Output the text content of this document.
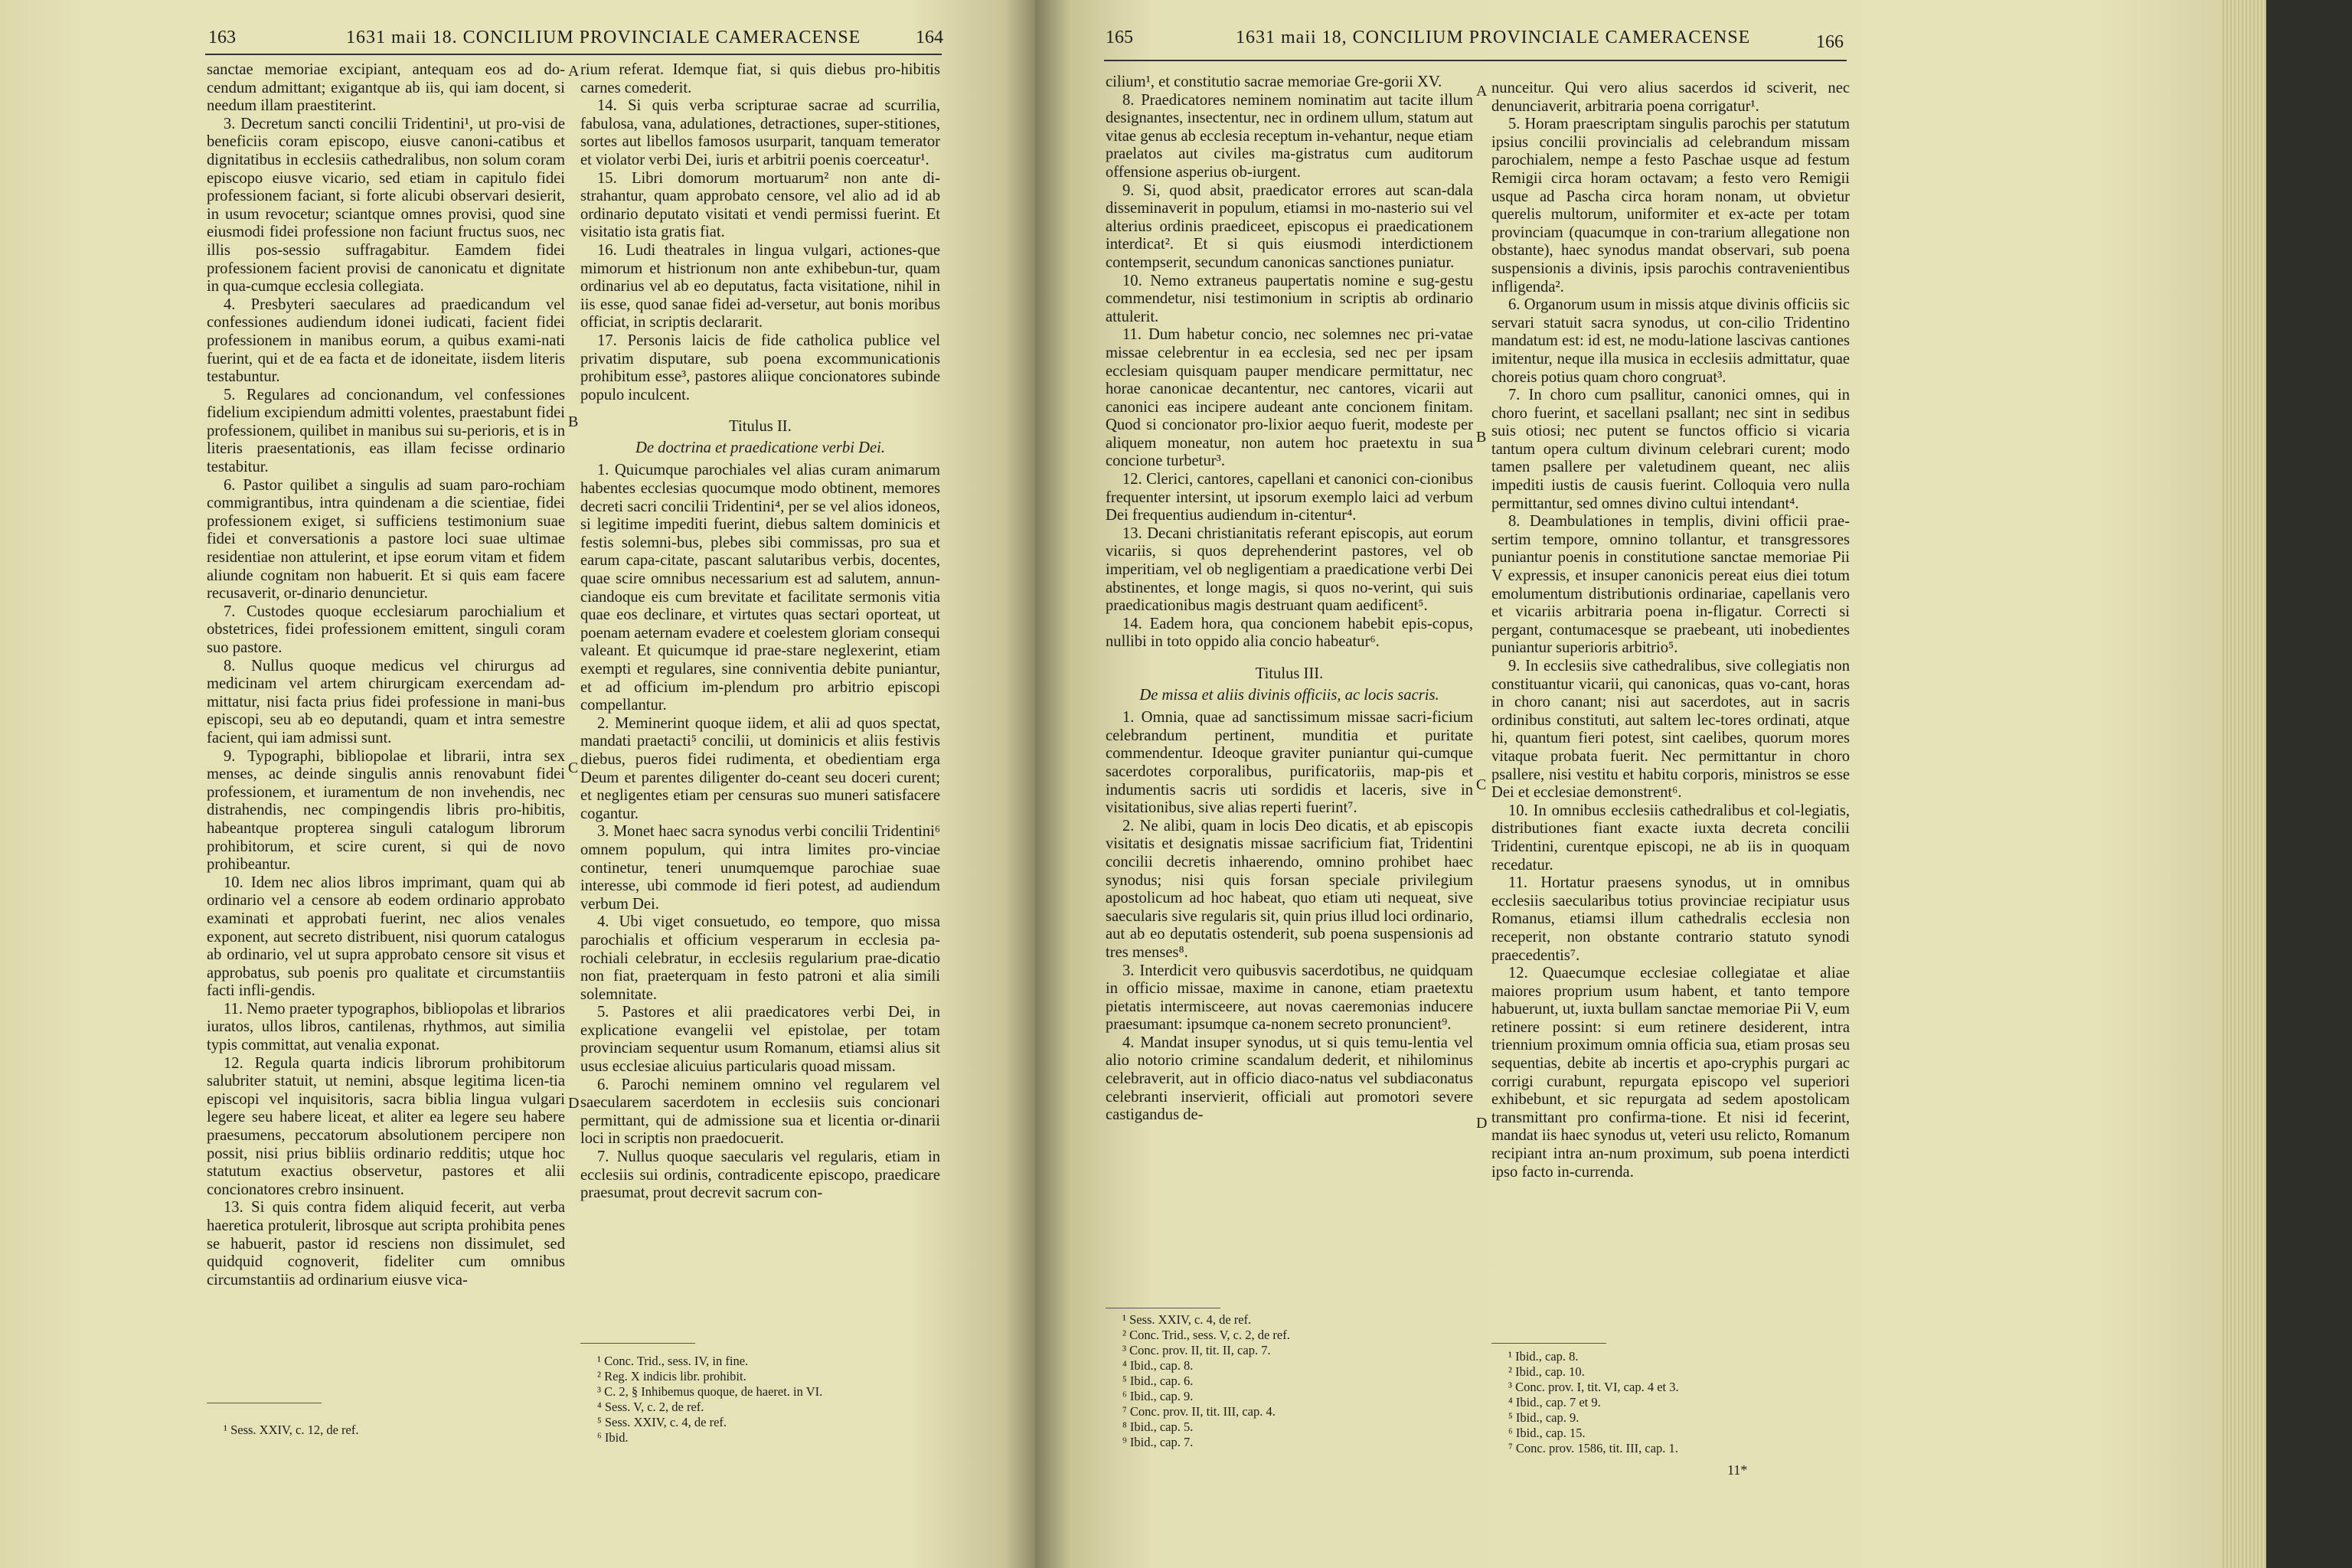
163	1631 maii 18. CONCILIUM PROVINCIALE CAMERACENSE	164

sanctae memoriae excipiant, antequam eos ad do-cendum admittant; exigantque ab iis, qui iam docent, si needum illam praestiterint.

3. Decretum sancti concilii Tridentini¹, ut pro-visi de beneficiis coram episcopo, eiusve canoni-catibus et dignitatibus in ecclesiis cathedralibus, non solum coram episcopo eiusve vicario, sed etiam in capitulo fidei professionem faciant, si forte alicubi observari desierit, in usum revocetur; sciantque omnes provisi, quod sine eiusmodi fidei professione non faciunt fructus suos, nec illis pos-sessio suffragabitur. Eamdem fidei professionem facient provisi de canonicatu et dignitate in qua-cumque ecclesia collegiata.

4. Presbyteri saeculares ad praedicandum vel confessiones audiendum idonei iudicati, facient fidei professionem in manibus eorum, a quibus exami-nati fuerint, qui et de ea facta et de idoneitate, iisdem literis testabuntur.

5. Regulares ad concionandum, vel confessiones fidelium excipiendum admitti volentes, praestabunt fidei professionem, quilibet in manibus sui su-perioris, et is in literis praesentationis, eas illam fecisse ordinario testabitur.

6. Pastor quilibet a singulis ad suam paro-rochiam commigrantibus, intra quindenam a die scientiae, fidei professionem exiget, si sufficiens testimonium suae fidei et conversationis a pastore loci suae ultimae residentiae non attulerint, et ipse eorum vitam et fidem aliunde cognitam non habuerit. Et si quis eam facere recusaverit, or-dinario denuncietur.

7. Custodes quoque ecclesiarum parochialium et obstetrices, fidei professionem emittent, singuli coram suo pastore.

8. Nullus quoque medicus vel chirurgus ad medicinam vel artem chirurgicam exercendam ad-mittatur, nisi facta prius fidei professione in mani-bus episcopi, seu ab eo deputandi, quam et intra semestre facient, qui iam admissi sunt.

9. Typographi, bibliopolae et librarii, intra sex menses, ac deinde singulis annis renovabunt fidei professionem, et iuramentum de non invehendis, nec distrahendis, nec compingendis libris pro-hibitis, habeantque propterea singuli catalogum librorum prohibitorum, et scire curent, si qui de novo prohibeantur.

10. Idem nec alios libros imprimant, quam qui ab ordinario vel a censore ab eodem ordinario approbato examinati et approbati fuerint, nec alios venales exponent, aut secreto distribuent, nisi quorum catalogus ab ordinario, vel ut supra approbato censore sit visus et approbatus, sub poenis pro qualitate et circumstantiis facti infli-gendis.

11. Nemo praeter typographos, bibliopolas et librarios iuratos, ullos libros, cantilenas, rhythmos, aut similia typis committat, aut venalia exponat.

12. Regula quarta indicis librorum prohibitorum salubriter statuit, ut nemini, absque legitima licen-tia episcopi vel inquisitoris, sacra biblia lingua vulgari legere seu habere liceat, et aliter ea legere seu habere praesumens, peccatorum absolutionem percipere non possit, nisi prius bibliis ordinario redditis; utque hoc statutum exactius observetur, pastores et alii concionatores crebro insinuent.

13. Si quis contra fidem aliquid fecerit, aut verba haeretica protulerit, librosque aut scripta prohibita penes se habuerit, pastor id resciens non dissimulet, sed quidquid cognoverit, fideliter cum omnibus circumstantiis ad ordinarium eiusve vica-

¹ Sess. XXIV, c. 12, de ref.

rium referat. Idemque fiat, si quis diebus pro-hibitis carnes comederit.

14. Si quis verba scripturae sacrae ad scurrilia, fabulosa, vana, adulationes, detractiones, super-stitiones, sortes aut libellos famosos usurparit, tanquam temerator et violator verbi Dei, iuris et arbitrii poenis coerceatur¹.

15. Libri domorum mortuarum² non ante di-strahantur, quam approbato censore, vel alio ad id ab ordinario deputato visitati et vendi permissi fuerint. Et visitatio ista gratis fiat.

16. Ludi theatrales in lingua vulgari, actiones-que mimorum et histrionum non ante exhibebun-tur, quam ordinarius vel ab eo deputatus, facta visitatione, nihil in iis esse, quod sanae fidei ad-versetur, aut bonis moribus officiat, in scriptis declararit.

17. Personis laicis de fide catholica publice vel privatim disputare, sub poena excommunicationis prohibitum esse³, pastores aliique concionatores subinde populo inculcent.

Titulus II.

De doctrina et praedicatione verbi Dei.

1. Quicumque parochiales vel alias curam animarum habentes ecclesias quocumque modo obtinent, memores decreti sacri concilii Tridentini⁴, per se vel alios idoneos, si legitime impediti fuerint, diebus saltem dominicis et festis solemni-bus, plebes sibi commissas, pro sua et earum capa-citate, pascant salutaribus verbis, docentes, quae scire omnibus necessarium est ad salutem, annun-ciandoque eis cum brevitate et facilitate sermonis vitia quae eos declinare, et virtutes quas sectari oporteat, ut poenam aeternam evadere et coelestem gloriam consequi valeant. Et quicumque id prae-stare neglexerint, etiam exempti et regulares, sine conniventia debite puniantur, et ad officium im-plendum pro arbitrio episcopi compellantur.

2. Meminerint quoque iidem, et alii ad quos spectat, mandati praetacti⁵ concilii, ut dominicis et aliis festivis diebus, pueros fidei rudimenta, et obedientiam erga Deum et parentes diligenter do-ceant seu doceri curent; et negligentes etiam per censuras suo muneri satisfacere cogantur.

3. Monet haec sacra synodus verbi concilii Tridentini⁶ omnem populum, qui intra limites pro-vinciae continetur, teneri unumquemque parochiae suae interesse, ubi commode id fieri potest, ad audiendum verbum Dei.

4. Ubi viget consuetudo, eo tempore, quo missa parochialis et officium vesperarum in ecclesia pa-rochiali celebratur, in ecclesiis regularium prae-dicatio non fiat, praeterquam in festo patroni et alia simili solemnitate.

5. Pastores et alii praedicatores verbi Dei, in explicatione evangelii vel epistolae, per totam provinciam sequentur usum Romanum, etiamsi alius sit usus ecclesiae alicuius particularis quoad missam.

6. Parochi neminem omnino vel regularem vel saecularem sacerdotem in ecclesiis suis concionari permittant, qui de admissione sua et licentia or-dinarii loci in scriptis non praedocuerit.

7. Nullus quoque saecularis vel regularis, etiam in ecclesiis sui ordinis, contradicente episcopo, praedicare praesumat, prout decrevit sacrum con-

¹ Conc. Trid., sess. IV, in fine.
² Reg. X indicis libr. prohibit.
³ C. 2, § Inhibemus quoque, de haeret. in VI.
⁴ Sess. V, c. 2, de ref.
⁵ Sess. XXIV, c. 4, de ref.
⁶ Ibid.
A
B
C
D
165	1631 maii 18, CONCILIUM PROVINCIALE CAMERACENSE	166

cilium¹, et constitutio sacrae memoriae Gre-gorii XV.

8. Praedicatores neminem nominatim aut tacite illum designantes, insectentur, nec in ordinem ullum, statum aut vitae genus ab ecclesia receptum in-vehantur, neque etiam praelatos aut civiles ma-gistratus cum auditorum offensione asperius ob-iurgent.

9. Si, quod absit, praedicator errores aut scan-dala disseminaverit in populum, etiamsi in mo-nasterio sui vel alterius ordinis praediceet, episcopus ei praedicationem interdicat². Et si quis eiusmodi interdictionem contempserit, secundum canonicas sanctiones puniatur.

10. Nemo extraneus paupertatis nomine e sug-gestu commendetur, nisi testimonium in scriptis ab ordinario attulerit.

11. Dum habetur concio, nec solemnes nec pri-vatae missae celebrentur in ea ecclesia, sed nec per ipsam ecclesiam quisquam pauper mendicare permittatur, nec horae canonicae decantentur, nec cantores, vicarii aut canonici eas incipere audeant ante concionem finitam. Quod si concionator pro-lixior aequo fuerit, modeste per aliquem moneatur, non autem hoc praetextu in sua concione turbetur³.

12. Clerici, cantores, capellani et canonici con-cionibus frequenter intersint, ut ipsorum exemplo laici ad verbum Dei frequentius audiendum in-citentur⁴.

13. Decani christianitatis referant episcopis, aut eorum vicariis, si quos deprehenderint pastores, vel ob imperitiam, vel ob negligentiam a praedicatione verbi Dei abstinentes, et longe magis, si quos no-verint, qui suis praedicationibus magis destruant quam aedificent⁵.

14. Eadem hora, qua concionem habebit epis-copus, nullibi in toto oppido alia concio habeatur⁶.

Titulus III.

De missa et aliis divinis officiis, ac locis sacris.

1. Omnia, quae ad sanctissimum missae sacri-ficium celebrandum pertinent, munditia et puritate commendentur. Ideoque graviter puniantur qui-cumque sacerdotes corporalibus, purificatoriis, map-pis et indumentis sacris uti sordidis et laceris, sive in visitationibus, sive alias reperti fuerint⁷.

2. Ne alibi, quam in locis Deo dicatis, et ab episcopis visitatis et designatis missae sacrificium fiat, Tridentini concilii decretis inhaerendo, omnino prohibet haec synodus; nisi quis forsan speciale privilegium apostolicum ad hoc habeat, quo etiam uti nequeat, sive saecularis sive regularis sit, quin prius illud loci ordinario, aut ab eo deputatis ostenderit, sub poena suspensionis ad tres menses⁸.

3. Interdicit vero quibusvis sacerdotibus, ne quidquam in officio missae, maxime in canone, etiam praetextu pietatis intermisceere, aut novas caeremonias inducere praesumant: ipsumque ca-nonem secreto pronuncient⁹.

4. Mandat insuper synodus, ut si quis temu-lentia vel alio notorio crimine scandalum dederit, et nihilominus celebraverit, aut in officio diaco-natus vel subdiaconatus celebranti inservierit, officiali aut promotori severe castigandus de-

¹ Sess. XXIV, c. 4, de ref.
² Conc. Trid., sess. V, c. 2, de ref.
³ Conc. prov. II, tit. II, cap. 7.
⁴ Ibid., cap. 8.
⁵ Ibid., cap. 6.
⁶ Ibid., cap. 9.
⁷ Conc. prov. II, tit. III, cap. 4.
⁸ Ibid., cap. 5.
⁹ Ibid., cap. 7.

nunceitur. Qui vero alius sacerdos id sciverit, nec denunciaverit, arbitraria poena corrigatur¹.

5. Horam praescriptam singulis parochis per statutum ipsius concilii provincialis ad celebrandum missam parochialem, nempe a festo Paschae usque ad festum Remigii circa horam octavam; a festo vero Remigii usque ad Pascha circa horam nonam, ut obvietur querelis multorum, uniformiter et ex-acte per totam provinciam (quacumque in con-trarium allegatione non obstante), haec synodus mandat observari, sub poena suspensionis a divinis, ipsis parochis contravenientibus infligenda².

6. Organorum usum in missis atque divinis officiis sic servari statuit sacra synodus, ut con-cilio Tridentino mandatum est: id est, ne modu-latione lascivas cantiones imitentur, neque illa musica in ecclesiis admittatur, quae choreis potius quam choro congruat³.

7. In choro cum psallitur, canonici omnes, qui in choro fuerint, et sacellani psallant; nec sint in sedibus suis otiosi; nec putent se functos officio si vicaria tantum opera cultum divinum celebrari curent; modo tamen psallere per valetudinem queant, nec aliis impediti iustis de causis fuerint. Colloquia vero nulla permittantur, sed omnes divino cultui intendant⁴.

8. Deambulationes in templis, divini officii prae-sertim tempore, omnino tollantur, et transgressores puniantur poenis in constitutione sanctae memoriae Pii V expressis, et insuper canonicis pereat eius diei totum emolumentum distributionis ordinariae, capellanis vero et vicariis arbitraria poena in-fligatur. Correcti si pergant, contumacesque se praebeant, uti inobedientes puniantur superioris arbitrio⁵.

9. In ecclesiis sive cathedralibus, sive collegiatis non constituantur vicarii, qui canonicas, quas vo-cant, horas in choro canant; nisi aut sacerdotes, aut in sacris ordinibus constituti, aut saltem lec-tores ordinati, atque hi, quantum fieri potest, sint caelibes, quorum mores vitaque probata fuerit. Nec permittantur in choro psallere, nisi vestitu et habitu corporis, ministros se esse Dei et ecclesiae demonstrent⁶.

10. In omnibus ecclesiis cathedralibus et col-legiatis, distributiones fiant exacte iuxta decreta concilii Tridentini, curentque episcopi, ne ab iis in quoquam recedatur.

11. Hortatur praesens synodus, ut in omnibus ecclesiis saecularibus totius provinciae recipiatur usus Romanus, etiamsi illum cathedralis ecclesia non receperit, non obstante contrario statuto synodi praecedentis⁷.

12. Quaecumque ecclesiae collegiatae et aliae maiores proprium usum habent, et tanto tempore habuerunt, ut, iuxta bullam sanctae memoriae Pii V, eum retinere possint: si eum retinere desiderent, intra triennium proximum omnia officia sua, etiam prosas seu sequentias, debite ab incertis et apo-cryphis purgari ac corrigi curabunt, repurgata episcopo vel superiori exhibebunt, et sic repurgata ad sedem apostolicam transmittant pro confirma-tione. Et nisi id fecerint, mandat iis haec synodus ut, veteri usu relicto, Romanum recipiant intra an-num proximum, sub poena interdicti ipso facto in-currenda.

¹ Ibid., cap. 8.
² Ibid., cap. 10.
³ Conc. prov. I, tit. VI, cap. 4 et 3.
⁴ Ibid., cap. 7 et 9.
⁵ Ibid., cap. 9.
⁶ Ibid., cap. 15.
⁷ Conc. prov. 1586, tit. III, cap. 1.
11*
A
B
C
D
